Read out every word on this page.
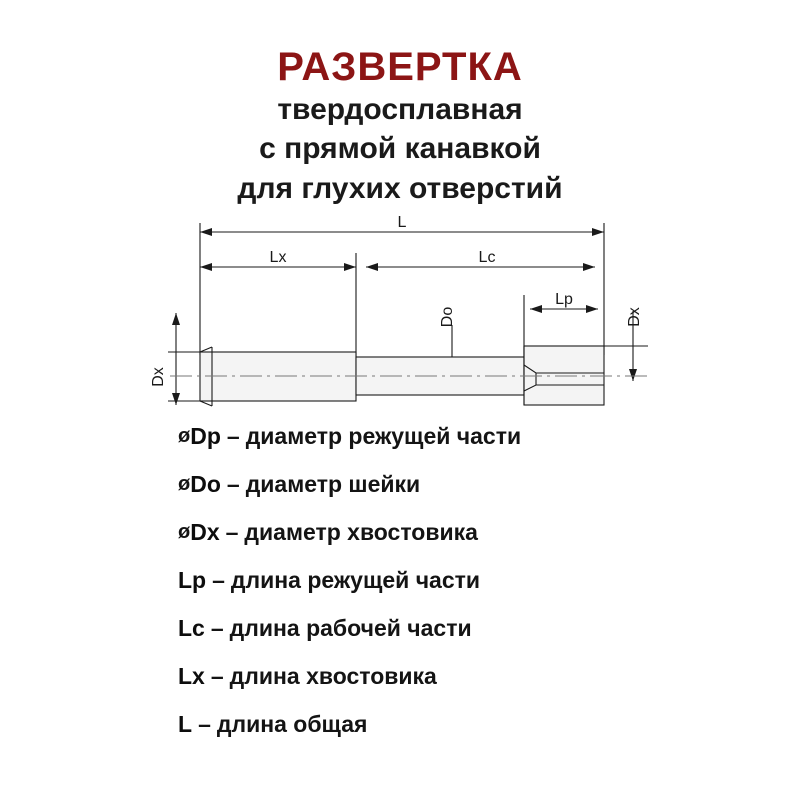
РАЗВЕРТКА
твердосплавная
с прямой канавкой
для глухих отверстий
L
Lx	Lc
Lp
Do
Dx
Dx
ø Dp – диаметр режущей части
ø Do – диаметр шейки
ø Dx – диаметр хвостовика
Lp – длина режущей части
Lc – длина рабочей части
Lx – длина хвостовика
L – длина общая
